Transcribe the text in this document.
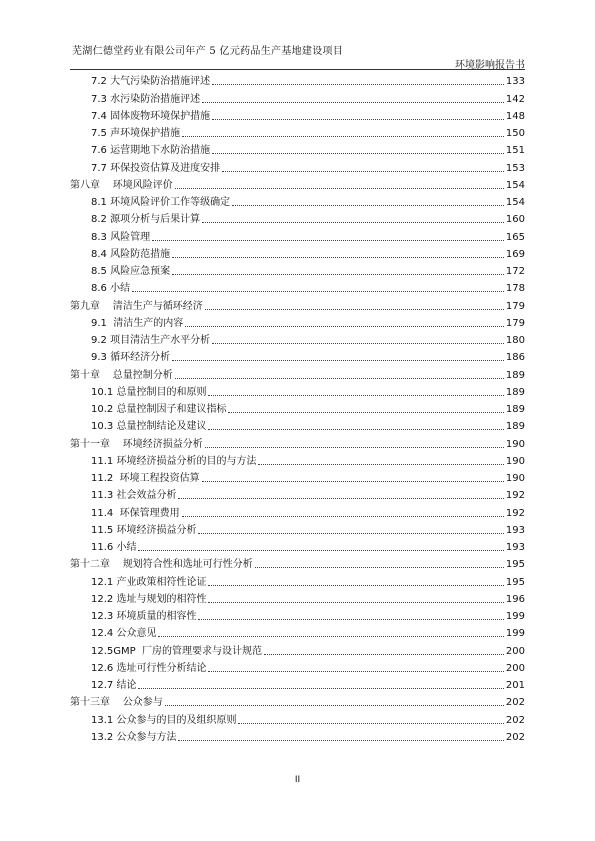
芜湖仁德堂药业有限公司年产 5 亿元药品生产基地建设项目
环境影响报告书
7.2 大气污染防治措施评述	133
7.3 水污染防治措施评述	142
7.4 固体废物环境保护措施	148
7.5 声环境保护措施	150
7.6 运营期地下水防治措施	151
7.7 环保投资估算及进度安排	153
第八章    环境风险评价	154
8.1 环境风险评价工作等级确定	154
8.2 源项分析与后果计算	160
8.3 风险管理	165
8.4 风险防范措施	169
8.5 风险应急预案	172
8.6 小结	178
第九章    清洁生产与循环经济	179
9.1  清洁生产的内容	179
9.2 项目清洁生产水平分析	180
9.3 循环经济分析	186
第十章    总量控制分析	189
10.1 总量控制目的和原则	189
10.2 总量控制因子和建议指标	189
10.3 总量控制结论及建议	189
第十一章    环境经济损益分析	190
11.1 环境经济损益分析的目的与方法	190
11.2  环境工程投资估算	190
11.3 社会效益分析	192
11.4  环保管理费用	192
11.5 环境经济损益分析	193
11.6 小结	193
第十二章    规划符合性和选址可行性分析	195
12.1 产业政策相符性论证	195
12.2 选址与规划的相符性	196
12.3 环境质量的相容性	199
12.4 公众意见	199
12.5GMP  厂房的管理要求与设计规范	200
12.6 选址可行性分析结论	200
12.7 结论	201
第十三章    公众参与	202
13.1 公众参与的目的及组织原则	202
13.2 公众参与方法	202
II
